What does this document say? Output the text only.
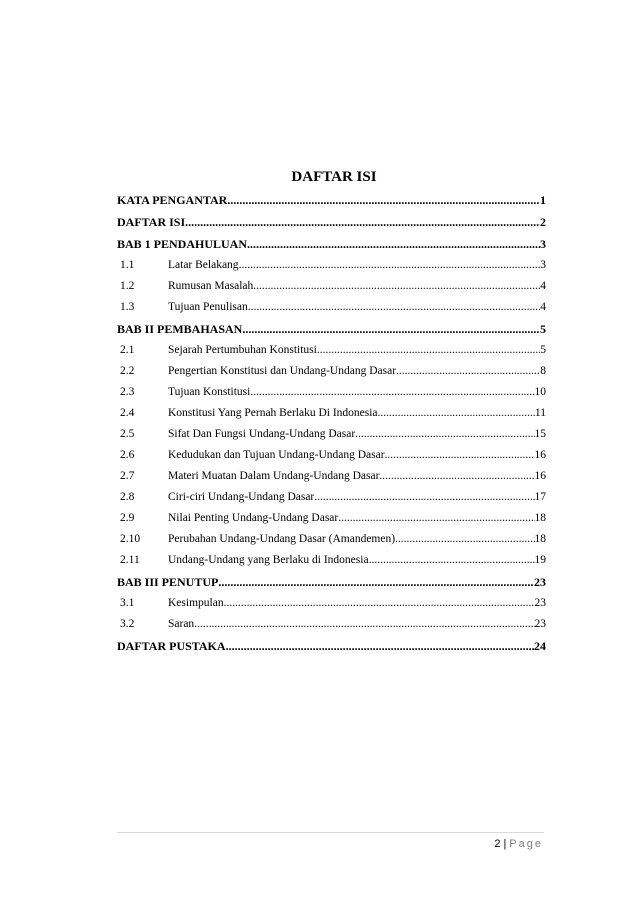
DAFTAR ISI
KATA PENGANTAR .....	1
DAFTAR ISI .....	2
BAB 1 PENDAHULUAN .....	3
1.1	Latar Belakang .....	3
1.2	Rumusan Masalah .....	4
1.3	Tujuan Penulisan .....	4
BAB II PEMBAHASAN .....	5
2.1	Sejarah Pertumbuhan Konstitusi .....	5
2.2	Pengertian Konstitusi dan Undang-Undang Dasar .....	8
2.3	Tujuan Konstitusi .....	10
2.4	Konstitusi Yang Pernah Berlaku Di Indonesia .....	11
2.5	Sifat Dan Fungsi Undang-Undang Dasar .....	15
2.6	Kedudukan dan Tujuan Undang-Undang Dasar .....	16
2.7	Materi Muatan Dalam Undang-Undang Dasar .....	16
2.8	Ciri-ciri Undang-Undang Dasar .....	17
2.9	Nilai Penting Undang-Undang Dasar .....	18
2.10	Perubahan Undang-Undang Dasar (Amandemen) .....	18
2.11	Undang-Undang yang Berlaku di Indonesia .....	19
BAB III PENUTUP .....	23
3.1	Kesimpulan .....	23
3.2	Saran .....	23
DAFTAR PUSTAKA .....	24
2 | Page
